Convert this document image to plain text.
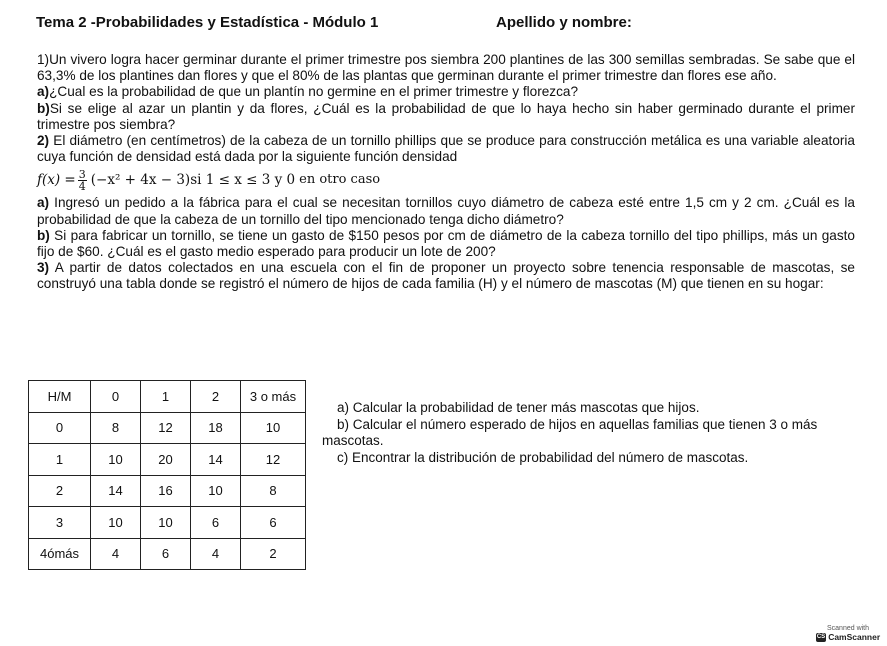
Tema 2 -Probabilidades y Estadística - Módulo 1	Apellido y nombre:

1)Un vivero logra hacer germinar durante el primer trimestre pos siembra 200 plantines de las 300 semillas sembradas. Se sabe que el 63,3% de los plantines dan flores y que el 80% de las plantas que germinan durante el primer trimestre dan flores ese año.

a)¿Cual es la probabilidad de que un plantín no germine en el primer trimestre y florezca?

b)Si se elige al azar un plantin y da flores, ¿Cuál es la probabilidad de que lo haya hecho sin haber germinado durante el primer trimestre pos siembra?

2) El diámetro (en centímetros) de la cabeza de un tornillo phillips que se produce para construcción metálica es una variable aleatoria cuya función de densidad está dada por la siguiente función densidad

$f(x) = \frac{3}{4} (-x^2 + 4x - 3)si$ 1 ≤ x ≤ 3 y 0 en otro caso

a) Ingresó un pedido a la fábrica para el cual se necesitan tornillos cuyo diámetro de cabeza esté entre 1,5 cm y 2 cm. ¿Cuál es la probabilidad de que la cabeza de un tornillo del tipo mencionado tenga dicho diámetro?

b) Si para fabricar un tornillo, se tiene un gasto de $150 pesos por cm de diámetro de la cabeza tornillo del tipo phillips, más un gasto fijo de $60. ¿Cuál es el gasto medio esperado para producir un lote de 200?

3) A partir de datos colectados en una escuela con el fin de proponer un proyecto sobre tenencia responsable de mascotas, se construyó una tabla donde se registró el número de hijos de cada familia (H) y el número de mascotas (M) que tienen en su hogar:

H/M	0	1	2	3 o más
0	8	12	18	10
1	10	20	14	12
2	14	16	10	8
3	10	10	6	6
4ómás	4	6	4	2

a) Calcular la probabilidad de tener más mascotas que hijos.

b) Calcular el número esperado de hijos en aquellas familias que tienen 3 o más mascotas.

c) Encontrar la distribución de probabilidad del número de mascotas.

Scanned with
CS CamScanner
